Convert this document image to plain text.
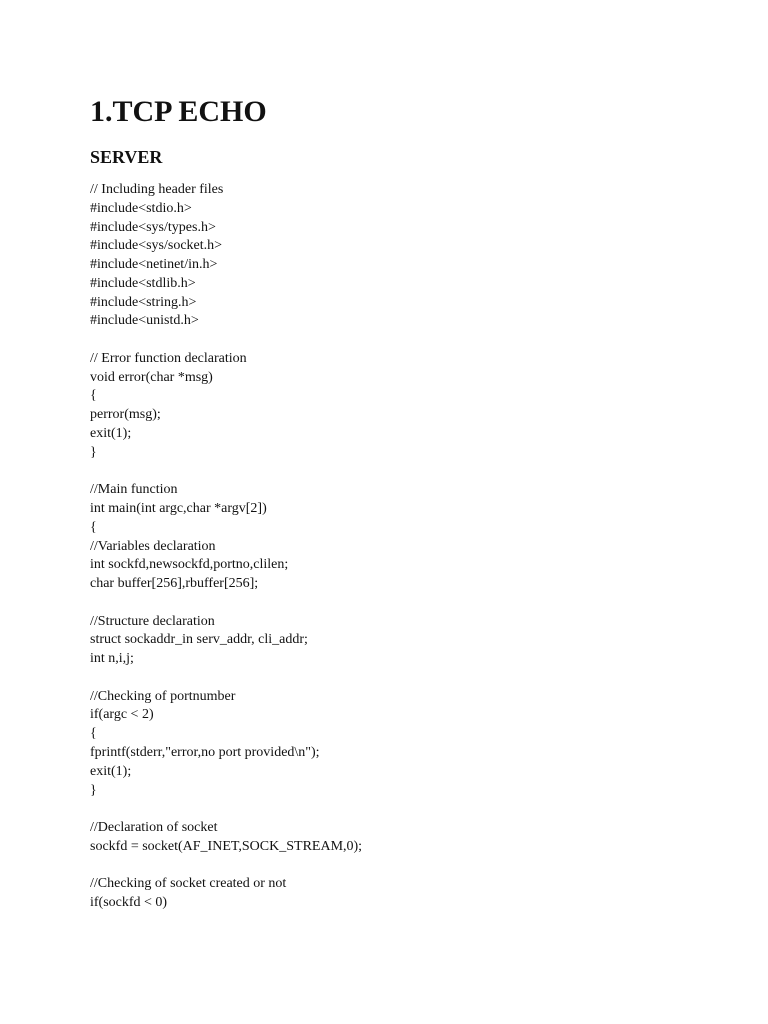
1.TCP ECHO
SERVER
// Including header files
#include<stdio.h>
#include<sys/types.h>
#include<sys/socket.h>
#include<netinet/in.h>
#include<stdlib.h>
#include<string.h>
#include<unistd.h>
// Error function declaration
void error(char *msg)
{
perror(msg);
exit(1);
}
//Main function
int main(int argc,char *argv[2])
{
//Variables declaration
int sockfd,newsockfd,portno,clilen;
char buffer[256],rbuffer[256];
//Structure declaration
struct sockaddr_in serv_addr, cli_addr;
int n,i,j;
//Checking of portnumber
if(argc < 2)
{
fprintf(stderr,"error,no port provided\n");
exit(1);
}
//Declaration of socket
sockfd = socket(AF_INET,SOCK_STREAM,0);
//Checking of socket created or not
if(sockfd < 0)
